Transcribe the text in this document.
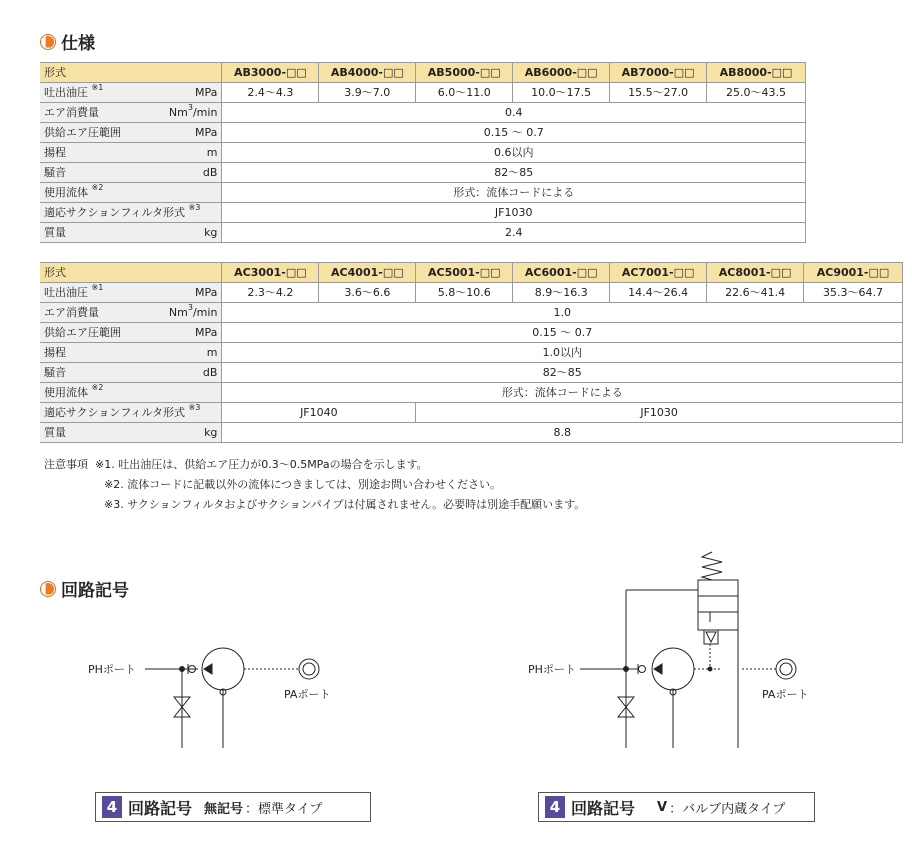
仕様
形式	AB3000-□□	AB4000-□□	AB5000-□□	AB6000-□□	AB7000-□□	AB8000-□□

吐出油圧 $^{※1}$ MPa	2.4〜4.3	3.9〜7.0	6.0〜11.0	10.0〜17.5	15.5〜27.0	25.0〜43.5

エア消費量 Nm$^3$/min	0.4					

供給エア圧範囲 MPa	0.15 〜 0.7					

揚程 m	0.6以内					

騒音 dB	82〜85					

使用流体 $^{※2}$	形式：流体コードによる					

適応サクションフィルタ形式 $^{※3}$	JF1030					

質量 kg	2.4					
形式	AC3001-□□	AC4001-□□	AC5001-□□	AC6001-□□	AC7001-□□	AC8001-□□	AC9001-□□

吐出油圧 $^{※1}$ MPa	2.3〜4.2	3.6〜6.6	5.8〜10.6	8.9〜16.3	14.4〜26.4	22.6〜41.4	35.3〜64.7

エア消費量 Nm$^3$/min	1.0						

供給エア圧範囲 MPa	0.15 〜 0.7						

揚程 m	1.0以内						

騒音 dB	82〜85						

使用流体 $^{※2}$	形式：流体コードによる						

適応サクションフィルタ形式 $^{※3}$	JF1040		JF1030				

質量 kg	8.8						
注意事項 ※1. 吐出油圧は、供給エア圧力が0.3〜0.5MPaの場合を示します。
※2. 流体コードに記載以外の流体につきましては、別途お問い合わせください。
※3. サクションフィルタおよびサクションパイプは付属されません。必要時は別途手配願います。
回路記号
PHポート
PAポート
PHポート
PAポート
4 回路記号 無記号 ：標準タイプ	4 回路記号 V ：バルブ内蔵タイプ
